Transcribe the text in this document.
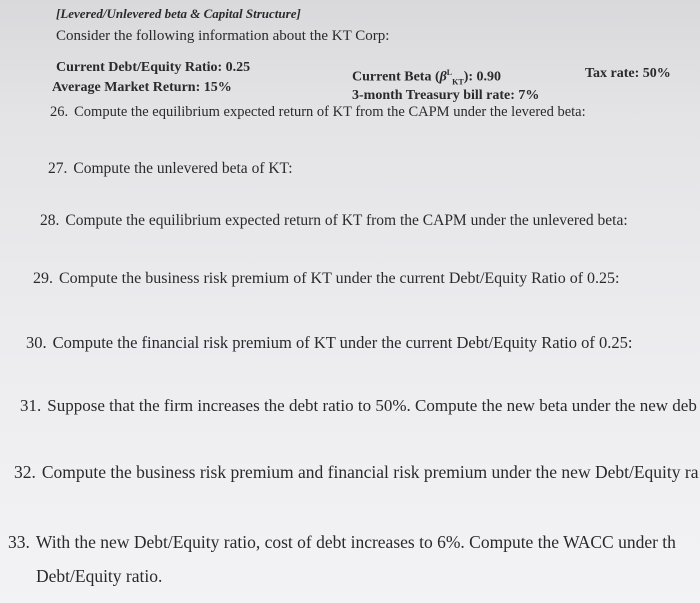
[Levered/Unlevered beta & Capital Structure]
Consider the following information about the KT Corp:
Current Debt/Equity Ratio: 0.25
Average Market Return: 15%
Current Beta $(\beta^L_{KT})$: 0.90
3-month Treasury bill rate: 7%
Tax rate: 50%
26. Compute the equilibrium expected return of KT from the CAPM under the levered beta:
27. Compute the unlevered beta of KT:
28. Compute the equilibrium expected return of KT from the CAPM under the unlevered beta:
29. Compute the business risk premium of KT under the current Debt/Equity Ratio of 0.25:
30. Compute the financial risk premium of KT under the current Debt/Equity Ratio of 0.25:
31. Suppose that the firm increases the debt ratio to 50%. Compute the new beta under the new deb
32. Compute the business risk premium and financial risk premium under the new Debt/Equity ra
33. With the new Debt/Equity ratio, cost of debt increases to 6%. Compute the WACC under th
Debt/Equity ratio.
